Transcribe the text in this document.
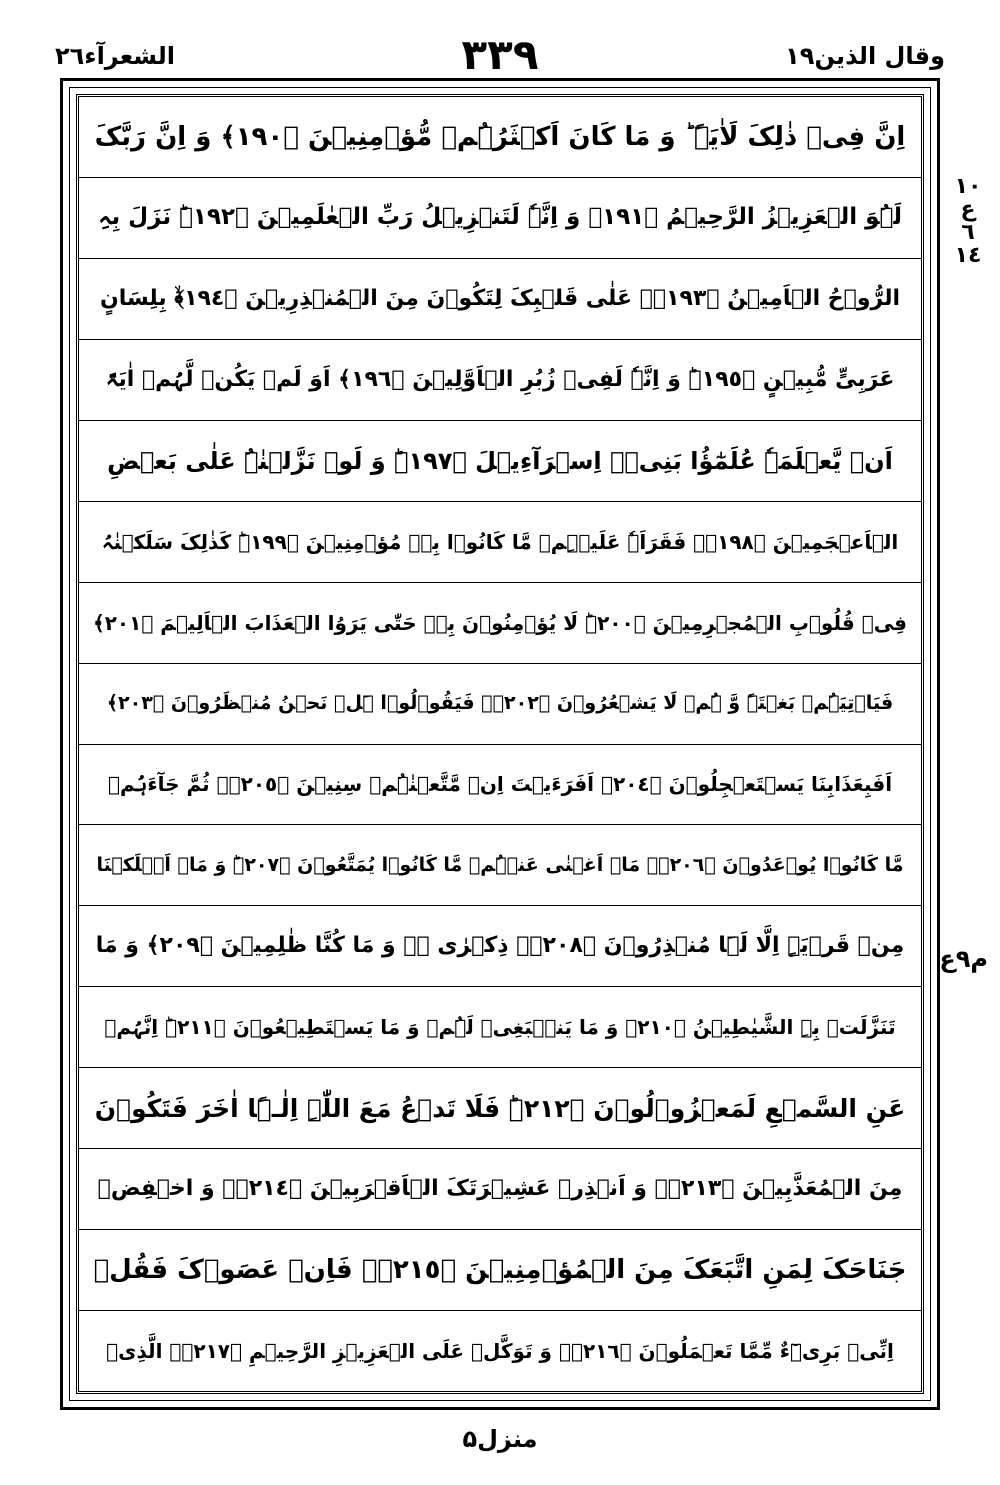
الشعرآء٢٦	٣٣٩	وقال الذين١٩
١٠
ع
٦
١٤
م٩ع
اِنَّ فِیۡ ذٰلِکَ لَاٰیَۃً ؕ وَ مَا کَانَ اَکۡثَرُہُمۡ مُّؤۡمِنِیۡنَ ﴿١٩٠﴾ وَ اِنَّ رَبَّکَ
لَہُوَ الۡعَزِیۡزُ الرَّحِیۡمُ ﴿١٩١﴾ وَ اِنَّہٗ لَتَنۡزِیۡلُ رَبِّ الۡعٰلَمِیۡنَ ﴿١٩٢﴾ؕ نَزَلَ بِہِ
الرُّوۡحُ الۡاَمِیۡنُ ﴿١٩٣﴾ۙ عَلٰی قَلۡبِکَ لِتَکُوۡنَ مِنَ الۡمُنۡذِرِیۡنَ ﴿١٩٤﴾ۙ بِلِسَانٍ
عَرَبِیٍّ مُّبِیۡنٍ ﴿١٩٥﴾ؕ وَ اِنَّہٗ لَفِیۡ زُبُرِ الۡاَوَّلِیۡنَ ﴿١٩٦﴾ اَوَ لَمۡ یَکُنۡ لَّہُمۡ اٰیَۃً
اَنۡ یَّعۡلَمَہٗ عُلَمٰٓؤُا بَنِیۡۤ اِسۡرَآءِیۡلَ ﴿١٩٧﴾ؕ وَ لَوۡ نَزَّلۡنٰہُ عَلٰی بَعۡضِ
الۡاَعۡجَمِیۡنَ ﴿١٩٨﴾ۙ فَقَرَاَہٗ عَلَیۡہِمۡ مَّا کَانُوۡا بِہٖ مُؤۡمِنِیۡنَ ﴿١٩٩﴾ؕ کَذٰلِکَ سَلَکۡنٰہُ
فِیۡ قُلُوۡبِ الۡمُجۡرِمِیۡنَ ﴿٢٠٠﴾ؕ لَا یُؤۡمِنُوۡنَ بِہٖ حَتّٰی یَرَوُا الۡعَذَابَ الۡاَلِیۡمَ ﴿٢٠١﴾
فَیَاۡتِیَہُمۡ بَغۡتَۃً وَّ ہُمۡ لَا یَشۡعُرُوۡنَ ﴿٢٠٢﴾ۙ فَیَقُوۡلُوۡا ہَلۡ نَحۡنُ مُنۡظَرُوۡنَ ﴿٢٠٣﴾
اَفَبِعَذَابِنَا یَسۡتَعۡجِلُوۡنَ ﴿٢٠٤﴾ اَفَرَءَیۡتَ اِنۡ مَّتَّعۡنٰہُمۡ سِنِیۡنَ ﴿٢٠٥﴾ۙ ثُمَّ جَآءَہُمۡ
مَّا کَانُوۡا یُوۡعَدُوۡنَ ﴿٢٠٦﴾ۙ مَاۤ اَغۡنٰی عَنۡہُمۡ مَّا کَانُوۡا یُمَتَّعُوۡنَ ﴿٢٠٧﴾ؕ وَ مَاۤ اَہۡلَکۡنَا
مِنۡ قَرۡیَۃٍ اِلَّا لَہَا مُنۡذِرُوۡنَ ﴿٢٠٨﴾ۛ ذِکۡرٰی ۟ۛ وَ مَا کُنَّا ظٰلِمِیۡنَ ﴿٢٠٩﴾ وَ مَا
تَنَزَّلَتۡ بِہِ الشَّیٰطِیۡنُ ﴿٢١٠﴾ وَ مَا یَنۡۢبَغِیۡ لَہُمۡ وَ مَا یَسۡتَطِیۡعُوۡنَ ﴿٢١١﴾ؕ اِنَّہُمۡ
عَنِ السَّمۡعِ لَمَعۡزُوۡلُوۡنَ ﴿٢١٢﴾ؕ فَلَا تَدۡعُ مَعَ اللّٰہِ اِلٰـہًا اٰخَرَ فَتَکُوۡنَ
مِنَ الۡمُعَذَّبِیۡنَ ﴿٢١٣﴾ۚ وَ اَنۡذِرۡ عَشِیۡرَتَکَ الۡاَقۡرَبِیۡنَ ﴿٢١٤﴾ۙ وَ اخۡفِضۡ
جَنَاحَکَ لِمَنِ اتَّبَعَکَ مِنَ الۡمُؤۡمِنِیۡنَ ﴿٢١٥﴾ۚ فَاِنۡ عَصَوۡکَ فَقُلۡ
اِنِّیۡ بَرِیۡٓءٌ مِّمَّا تَعۡمَلُوۡنَ ﴿٢١٦﴾ۚ وَ تَوَکَّلۡ عَلَی الۡعَزِیۡزِ الرَّحِیۡمِ ﴿٢١٧﴾ۙ الَّذِیۡ
منزل۵
